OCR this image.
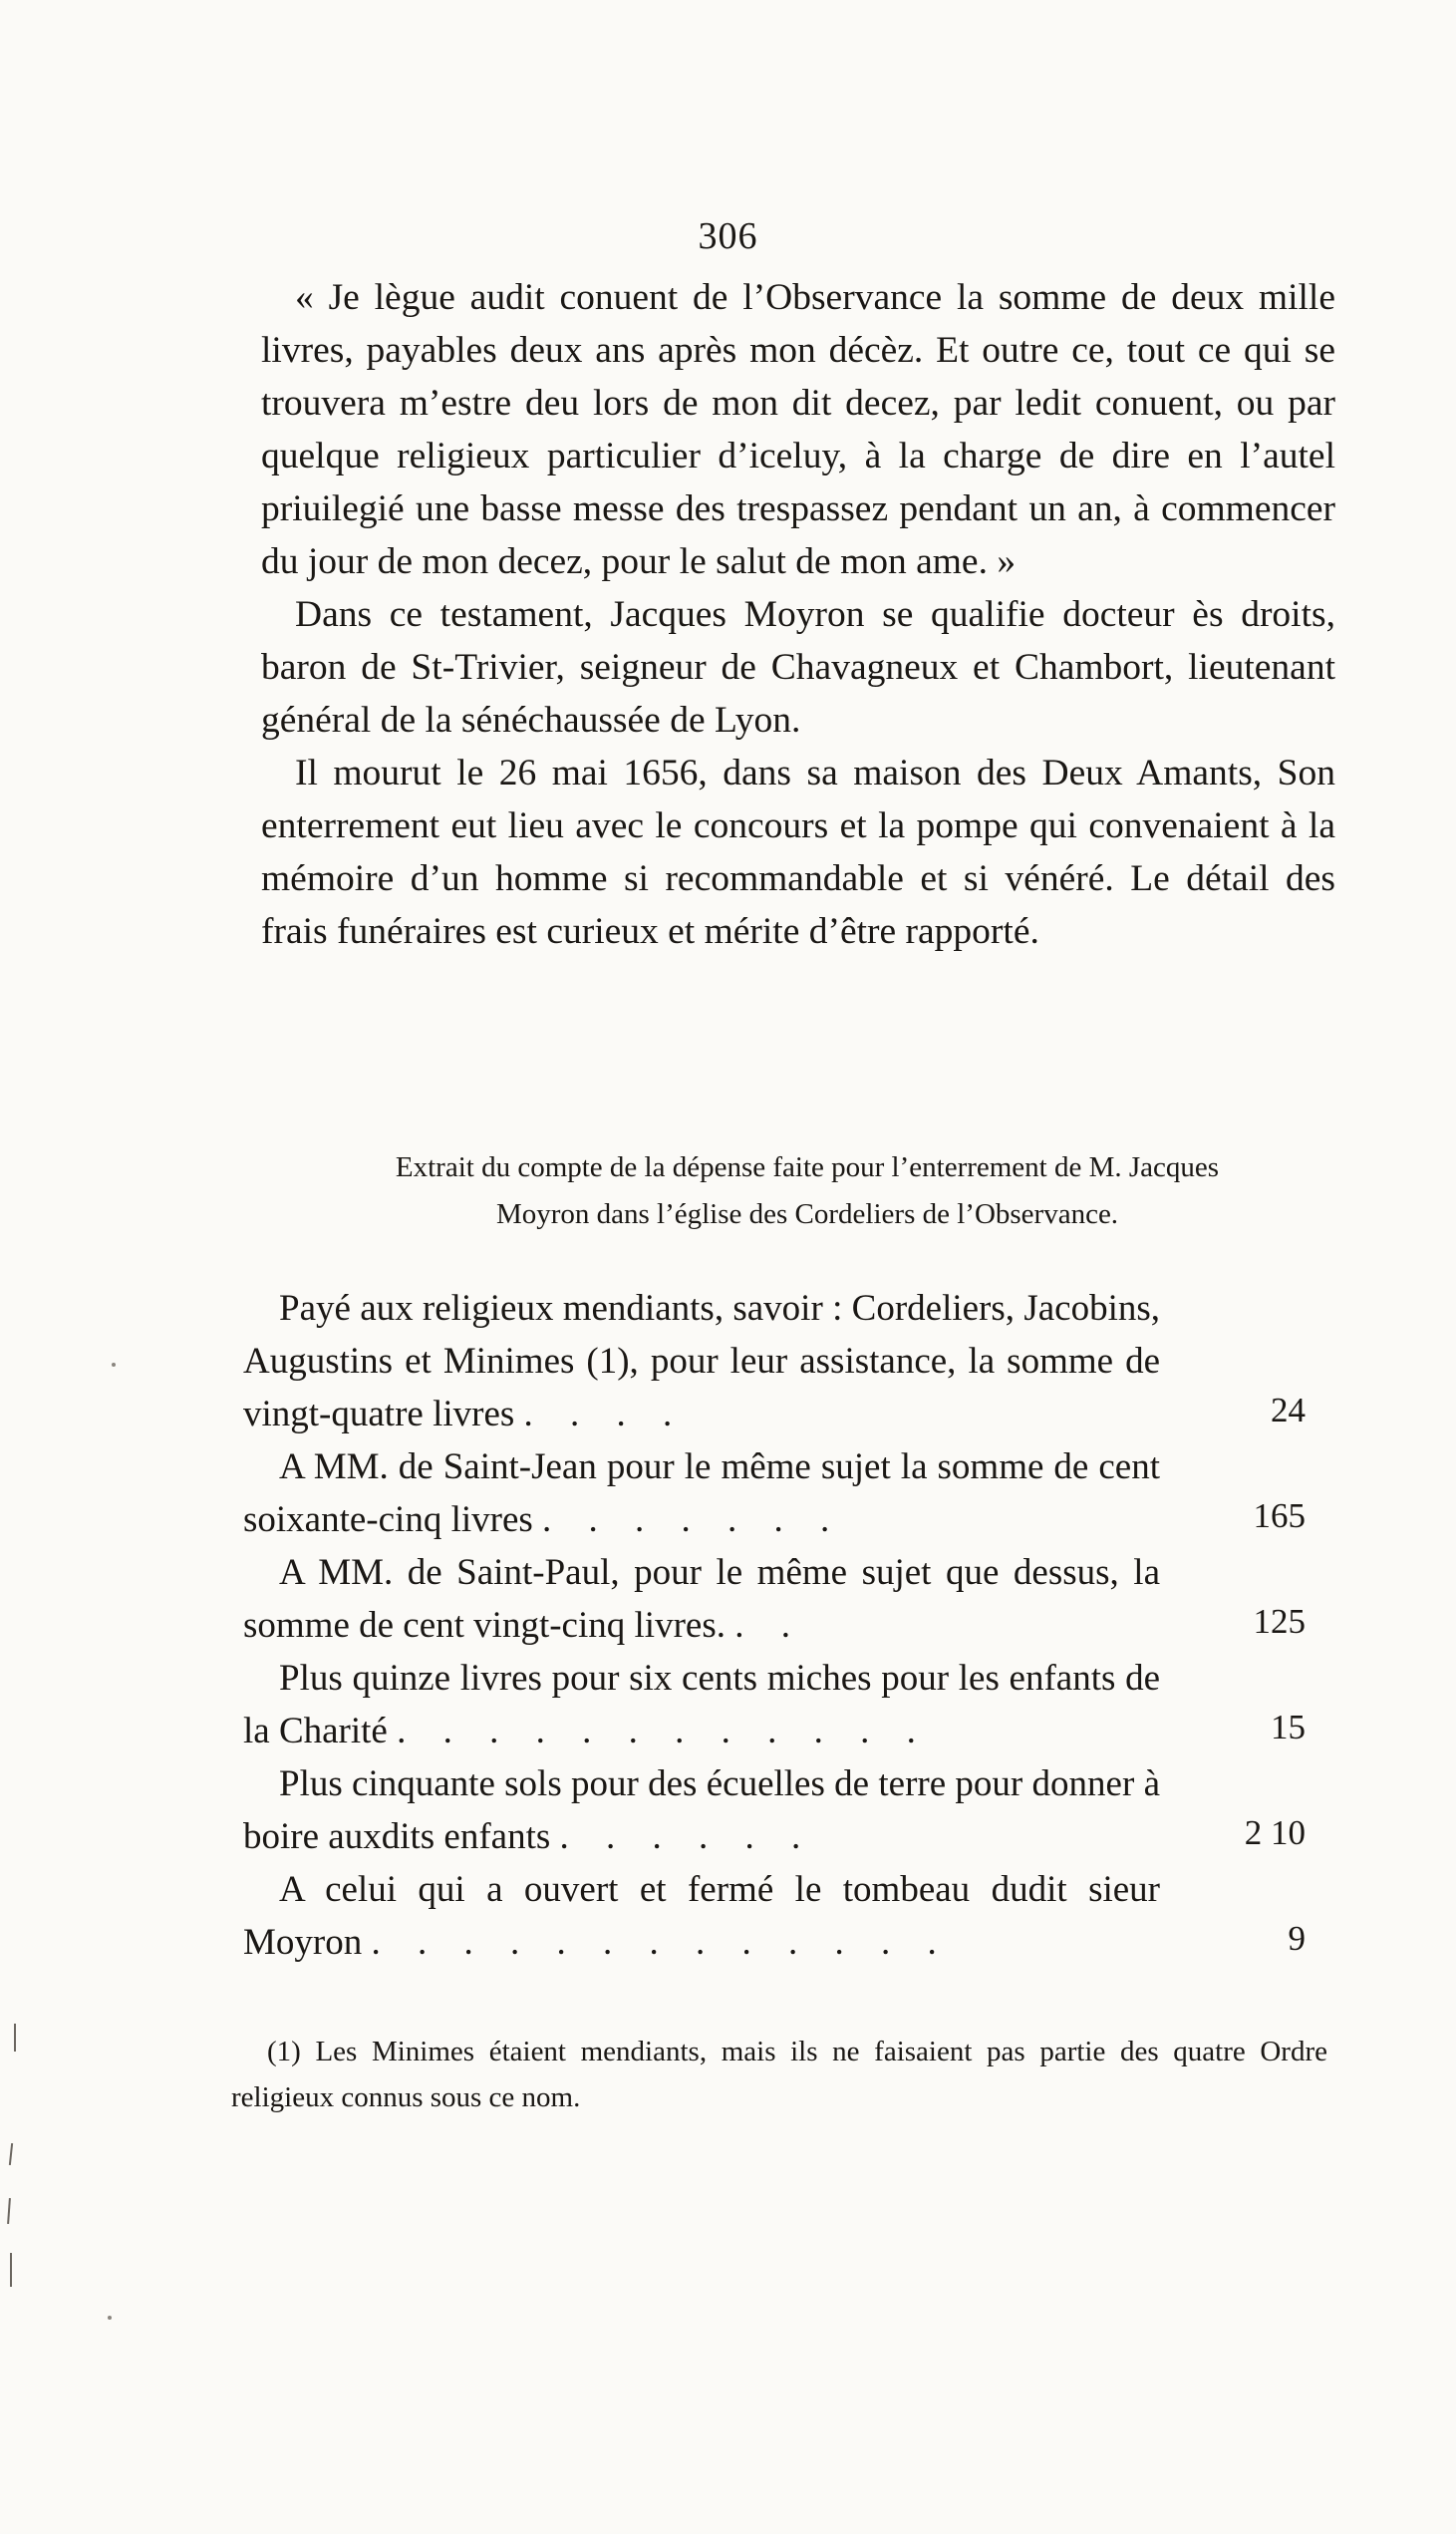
306

« Je lègue audit conuent de l’Observance la somme de deux mille livres, payables deux ans après mon décèz. Et outre ce, tout ce qui se trouvera m’estre deu lors de mon dit decez, par ledit conuent, ou par quelque religieux particulier d’iceluy, à la charge de dire en l’autel priuilegié une basse messe des trespassez pendant un an, à commencer du jour de mon decez, pour le salut de mon ame. »

Dans ce testament, Jacques Moyron se qualifie docteur ès droits, baron de St-Trivier, seigneur de Chavagneux et Chambort, lieutenant général de la sénéchaussée de Lyon.

Il mourut le 26 mai 1656, dans sa maison des Deux Amants, Son enterrement eut lieu avec le concours et la pompe qui convenaient à la mémoire d’un homme si recommandable et si vénéré. Le détail des frais funéraires est curieux et mérite d’être rapporté.

Extrait du compte de la dépense faite pour l’enterrement de M. Jacques
Moyron dans l’église des Cordeliers de l’Observance.
Payé aux religieux mendiants, savoir : Cordeliers, Jacobins, Augustins et Minimes (1), pour leur assistance, la somme de vingt-quatre livres . . . .	24
A MM. de Saint-Jean pour le même sujet la somme de cent soixante-cinq livres . . . . . . .	165
A MM. de Saint-Paul, pour le même sujet que dessus, la somme de cent vingt-cinq livres. . .	125
Plus quinze livres pour six cents miches pour les enfants de la Charité . . . . . . . . . . . .	15
Plus cinquante sols pour des écuelles de terre pour donner à boire auxdits enfants . . . . . .	2 10
A celui qui a ouvert et fermé le tombeau dudit sieur Moyron . . . . . . . . . . . . .	9
(1) Les Minimes étaient mendiants, mais ils ne faisaient pas partie des quatre Ordre religieux connus sous ce nom.
